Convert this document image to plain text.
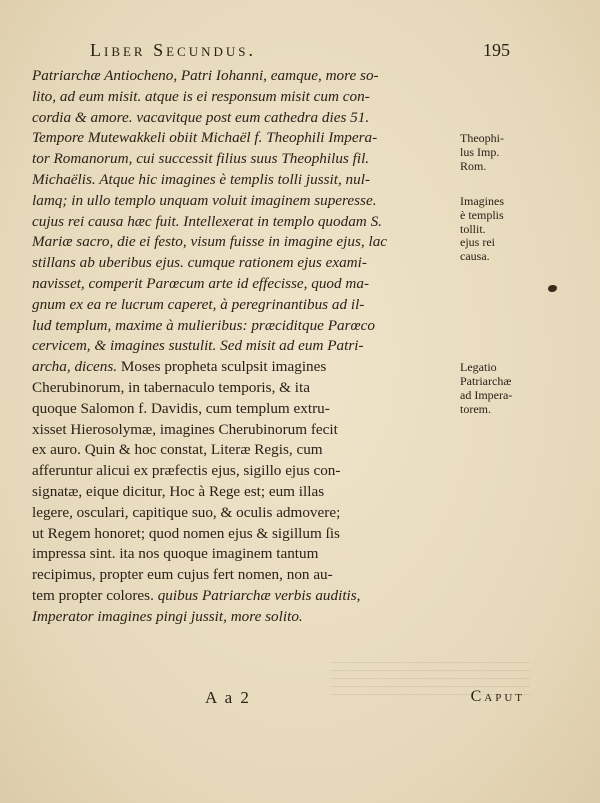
Liber Secundus.	195
Patriarchæ Antiocheno, Patri Iohanni, eamque, more so-
lito, ad eum misit. atque is ei responsum misit cum con-
cordia & amore. vacavitque post eum cathedra dies 51.
Tempore Mutewakkeli obiit Michaël f. Theophili Impera-
tor Romanorum, cui successit filius suus Theophilus fil.
Michaëlis. Atque hic imagines è templis tolli jussit, nul-
lamq; in ullo templo unquam voluit imaginem superesse.
cujus rei causa hæc fuit. Intellexerat in templo quodam S.
Mariæ sacro, die ei festo, visum fuisse in imagine ejus, lac
stillans ab uberibus ejus. cumque rationem ejus exami-
navisset, comperit Parœcum arte id effecisse, quod ma-
gnum ex ea re lucrum caperet, à peregrinantibus ad il-
lud templum, maxime à mulieribus: præciditque Parœco
cervicem, & imagines sustulit. Sed misit ad eum Patri-
archa, dicens. Moses propheta sculpsit imagines
Cherubinorum, in tabernaculo temporis, & ita
quoque Salomon f. Davidis, cum templum extru-
xisset Hierosolymæ, imagines Cherubinorum fecit
ex auro. Quin & hoc constat, Literæ Regis, cum
afferuntur alicui ex præfectis ejus, sigillo ejus con-
signatæ, eique dicitur, Hoc à Rege est; eum illas
legere, osculari, capitique suo, & oculis admovere;
ut Regem honoret; quod nomen ejus & sigillum ſis
impressa sint. ita nos quoque imaginem tantum
recipimus, propter eum cujus fert nomen, non au-
tem propter colores. quibus Patriarchæ verbis auditis,
Imperator imagines pingi jussit, more solito.
Theophi-
lus Imp.
Rom.
Imagines
è templis
tollit.
ejus rei
causa.
Legatio
Patriarchæ
ad Impera-
torem.
A a 2	Caput
